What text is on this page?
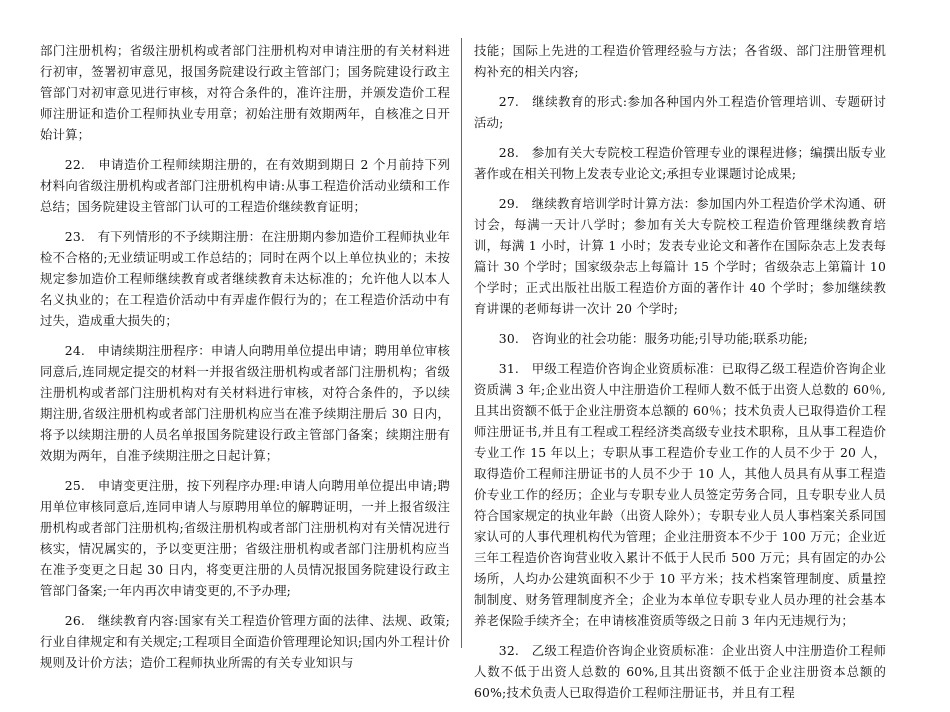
部门注册机构；省级注册机构或者部门注册机构对申请注册的有关材料进行初审，签署初审意见，报国务院建设行政主管部门；国务院建设行政主管部门对初审意见进行审核，对符合条件的，准许注册，并颁发造价工程师注册证和造价工程师执业专用章；初始注册有效期两年，自核准之日开始计算；

22.　申请造价工程师续期注册的，在有效期到期日 2 个月前持下列材料向省级注册机构或者部门注册机构申请:从事工程造价活动业绩和工作总结；国务院建设主管部门认可的工程造价继续教育证明；

23.　有下列情形的不予续期注册：在注册期内参加造价工程师执业年检不合格的;无业绩证明或工作总结的；同时在两个以上单位执业的；未按规定参加造价工程师继续教育或者继续教育未达标准的；允许他人以本人名义执业的；在工程造价活动中有弄虚作假行为的；在工程造价活动中有过失，造成重大损失的；

24.　申请续期注册程序：申请人向聘用单位提出申请；聘用单位审核同意后,连同规定提交的材料一并报省级注册机构或者部门注册机构；省级注册机构或者部门注册机构对有关材料进行审核，对符合条件的，予以续期注册,省级注册机构或者部门注册机构应当在准予续期注册后 30 日内，将予以续期注册的人员名单报国务院建设行政主管部门备案；续期注册有效期为两年，自准予续期注册之日起计算；

25.　申请变更注册，按下列程序办理:申请人向聘用单位提出申请;聘用单位审核同意后,连同申请人与原聘用单位的解聘证明，一并上报省级注册机构或者部门注册机构;省级注册机构或者部门注册机构对有关情况进行核实，情况属实的，予以变更注册；省级注册机构或者部门注册机构应当在准予变更之日起 30 日内，将变更注册的人员情况报国务院建设行政主管部门备案;一年内再次申请变更的,不予办理;

26.　继续教育内容:国家有关工程造价管理方面的法律、法规、政策;行业自律规定和有关规定;工程项目全面造价管理理论知识;国内外工程计价规则及计价方法；造价工程师执业所需的有关专业知识与

技能；国际上先进的工程造价管理经验与方法；各省级、部门注册管理机构补充的相关内容;

27.　继续教育的形式:参加各种国内外工程造价管理培训、专题研讨活动;

28.　参加有关大专院校工程造价管理专业的课程进修；编撰出版专业著作或在相关刊物上发表专业论文;承担专业课题讨论成果;

29.　继续教育培训学时计算方法：参加国内外工程造价学术沟通、研讨会，每满一天计八学时；参加有关大专院校工程造价管理继续教育培训，每满 1 小时，计算 1 小时；发表专业论文和著作在国际杂志上发表每篇计 30 个学时；国家级杂志上每篇计 15 个学时；省级杂志上第篇计 10 个学时；正式出版社出版工程造价方面的著作计 40 个学时；参加继续教育讲课的老师每讲一次计 20 个学时;

30.　咨询业的社会功能：服务功能;引导功能;联系功能;

31.　甲级工程造价咨询企业资质标准：已取得乙级工程造价咨询企业资质满 3 年;企业出资人中注册造价工程师人数不低于出资人总数的 60％,且其出资额不低于企业注册资本总额的 60％；技术负责人已取得造价工程师注册证书,并且有工程或工程经济类高级专业技术职称，且从事工程造价专业工作 15 年以上；专职从事工程造价专业工作的人员不少于 20 人，取得造价工程师注册证书的人员不少于 10 人，其他人员具有从事工程造价专业工作的经历；企业与专职专业人员签定劳务合同，且专职专业人员符合国家规定的执业年龄（出资人除外）；专职专业人员人事档案关系同国家认可的人事代理机构代为管理；企业注册资本不少于 100 万元；企业近三年工程造价咨询营业收入累计不低于人民币 500 万元；具有固定的办公场所，人均办公建筑面积不少于 10 平方米；技术档案管理制度、质量控制制度、财务管理制度齐全；企业为本单位专职专业人员办理的社会基本养老保险手续齐全；在申请核准资质等级之日前 3 年内无违规行为；

32.　乙级工程造价咨询企业资质标准：企业出资人中注册造价工程师人数不低于出资人总数的 60%,且其出资额不低于企业注册资本总额的 60%;技术负责人已取得造价工程师注册证书，并且有工程
